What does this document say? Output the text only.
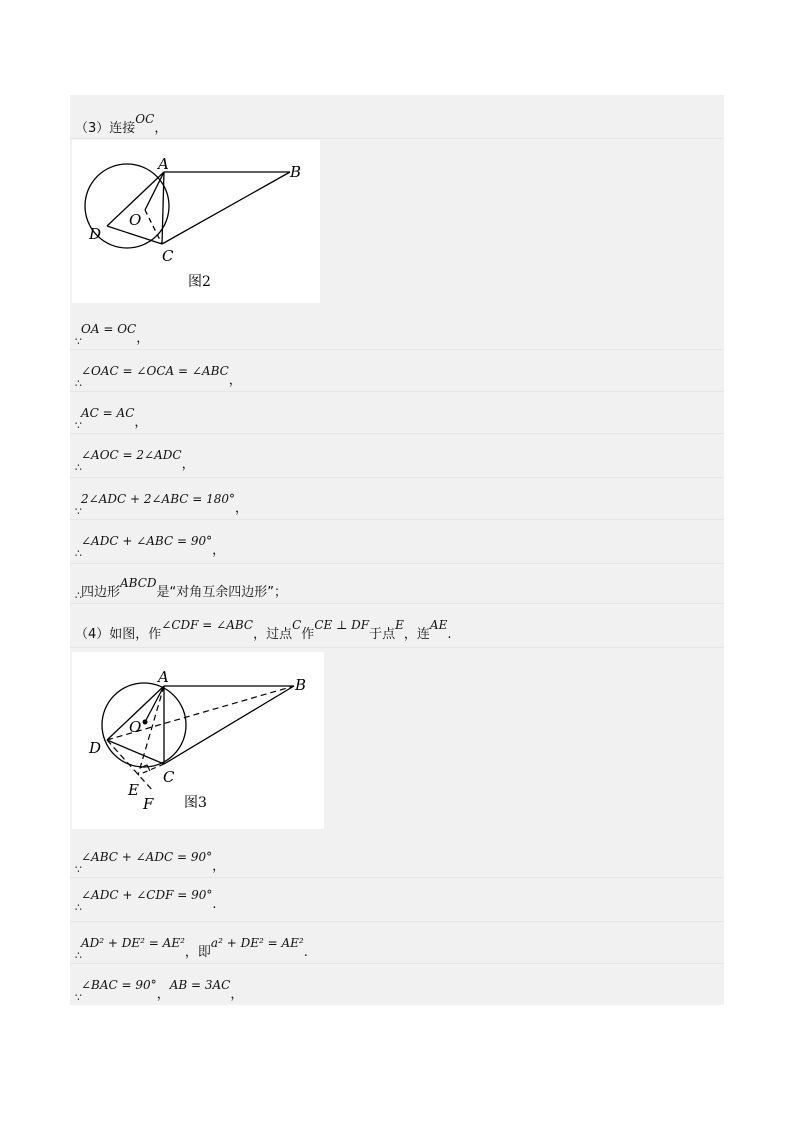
（3）连接OC，
A	B
C
D
O
图2
$_\because$OA = OC，
$_\therefore$∠OAC = ∠OCA = ∠ABC，
$_\because$AC = AC，
$_\therefore$∠AOC = 2∠ADC，
$_\because$2∠ADC + 2∠ABC = 180°，
$_\therefore$∠ADC + ∠ABC = 90°，
$_\therefore$四边形ABCD是“对角互余四边形”；
（4）如图，作∠CDF = ∠ABC，过点C作CE ⊥ DF于点E，连AE.
A	B
C
D
O
E
F 图3
$_\because$∠ABC + ∠ADC = 90°，
$_\therefore$∠ADC + ∠CDF = 90°.
$_\therefore$AD² + DE² = AE²，即a² + DE² = AE².
$_\because$∠BAC = 90°，AB = 3AC，
